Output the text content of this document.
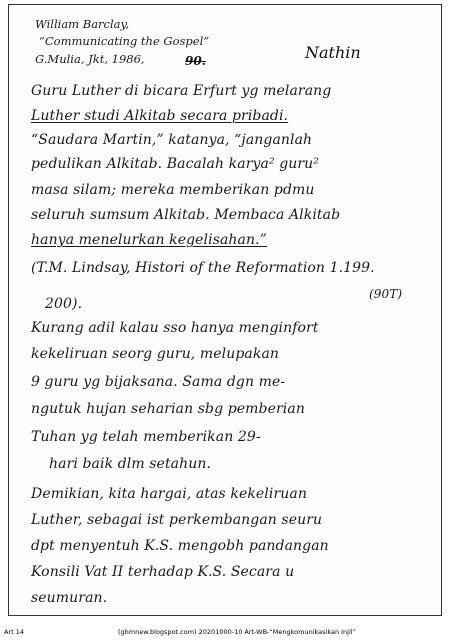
William Barclay,
“Communicating the Gospel”
G.Mulia, Jkt, 1986,	90.	Nathin
Guru Luther di bicara Erfurt yg melarang
Luther studi Alkitab secara pribadi.
“Saudara Martin,” katanya, “janganlah
pedulikan Alkitab. Bacalah karya² guru²
masa silam; mereka memberikan pdmu
seluruh sumsum Alkitab. Membaca Alkitab
hanya menelurkan kegelisahan.”
(T.M. Lindsay, Histori of the Reformation 1.199.
(90T)
200).
Kurang adil kalau sso hanya menginfort
kekeliruan seorg guru, melupakan
9 guru yg bijaksana. Sama dgn me-
ngutuk hujan seharian sbg pemberian
Tuhan yg telah memberikan 29-
hari baik dlm setahun.
Demikian, kita hargai, atas kekeliruan
Luther, sebagai ist perkembangan seuru
dpt menyentuh K.S. mengobh pandangan
Konsili Vat II terhadap K.S. Secara u
seumuran.
Art 14	(ghmnew.blogspot.com) 20201000-10 Art-WB-“Mengkomunikasikan Injil”
